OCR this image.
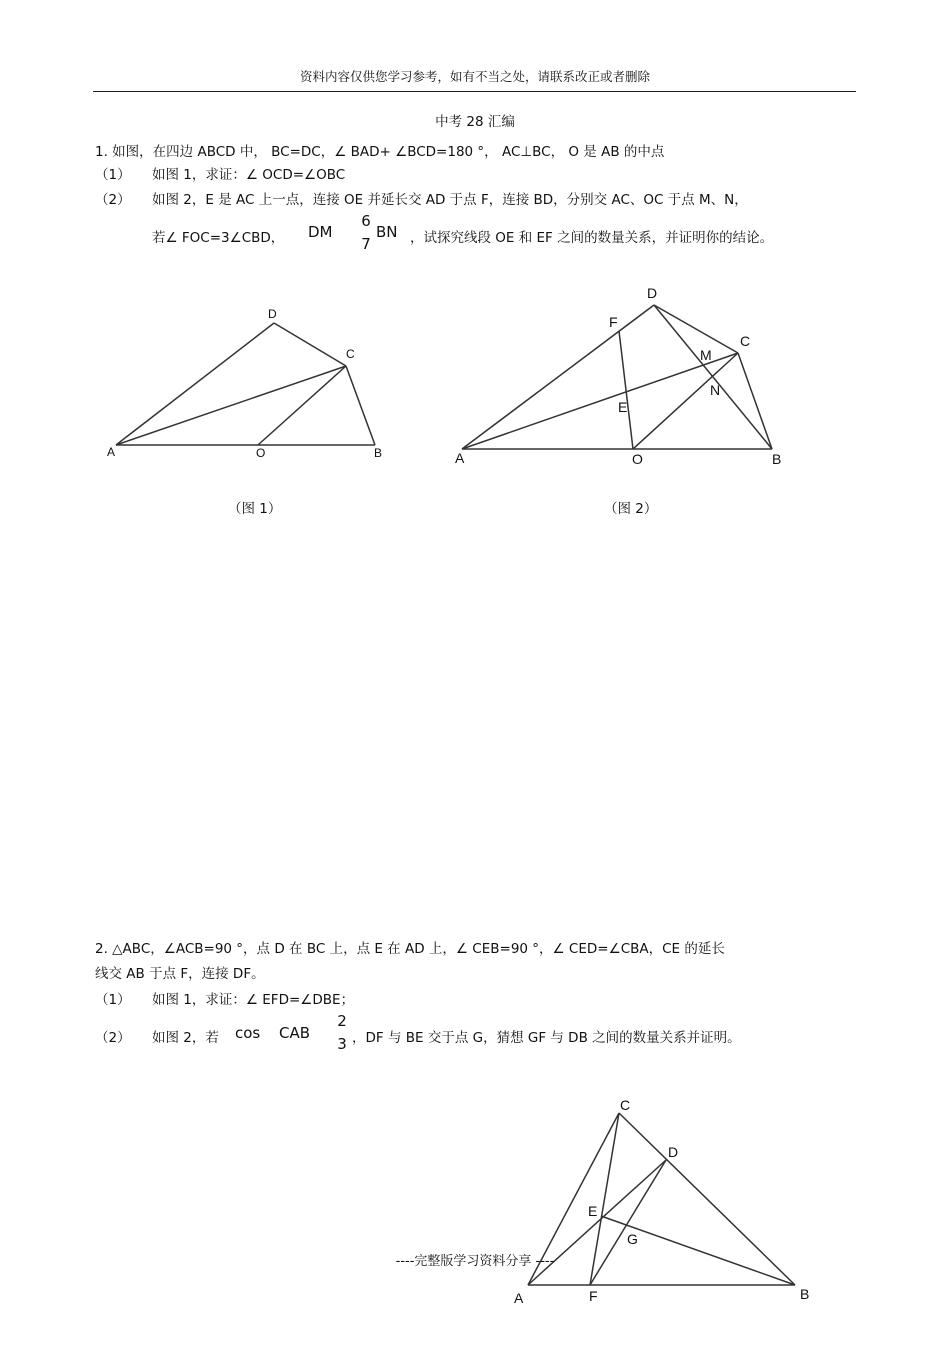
资料内容仅供您学习参考，如有不当之处，请联系改正或者删除
中考 28 汇编
1. 如图，在四边 ABCD 中， BC=DC，∠ BAD+ ∠BCD=180 °， AC⊥BC， O 是 AB 的中点
（1） 如图 1，求证：∠ OCD=∠OBC
（2） 如图 2，E 是 AC 上一点，连接 OE 并延长交 AD 于点 F，连接 BD，分别交 AC、OC 于点 M、N，
若∠ FOC=3∠CBD， DM
6
7
BN ，试探究线段 OE 和 EF 之间的数量关系，并证明你的结论。
D
C
A	O	B
D
F
C
M
N
E
A	O	B
C
D
E
G
A	F	B
（图 1）	（图 2）
2. △ABC，∠ACB=90 °，点 D 在 BC 上，点 E 在 AD 上，∠ CEB=90 °，∠ CED=∠CBA，CE 的延长
线交 AB 于点 F，连接 DF。
（1） 如图 1，求证：∠ EFD=∠DBE；
（2） 如图 2，若 cos CAB
2
3 ，DF 与 BE 交于点 G，猜想 GF 与 DB 之间的数量关系并证明。
----完整版学习资料分享 ----
